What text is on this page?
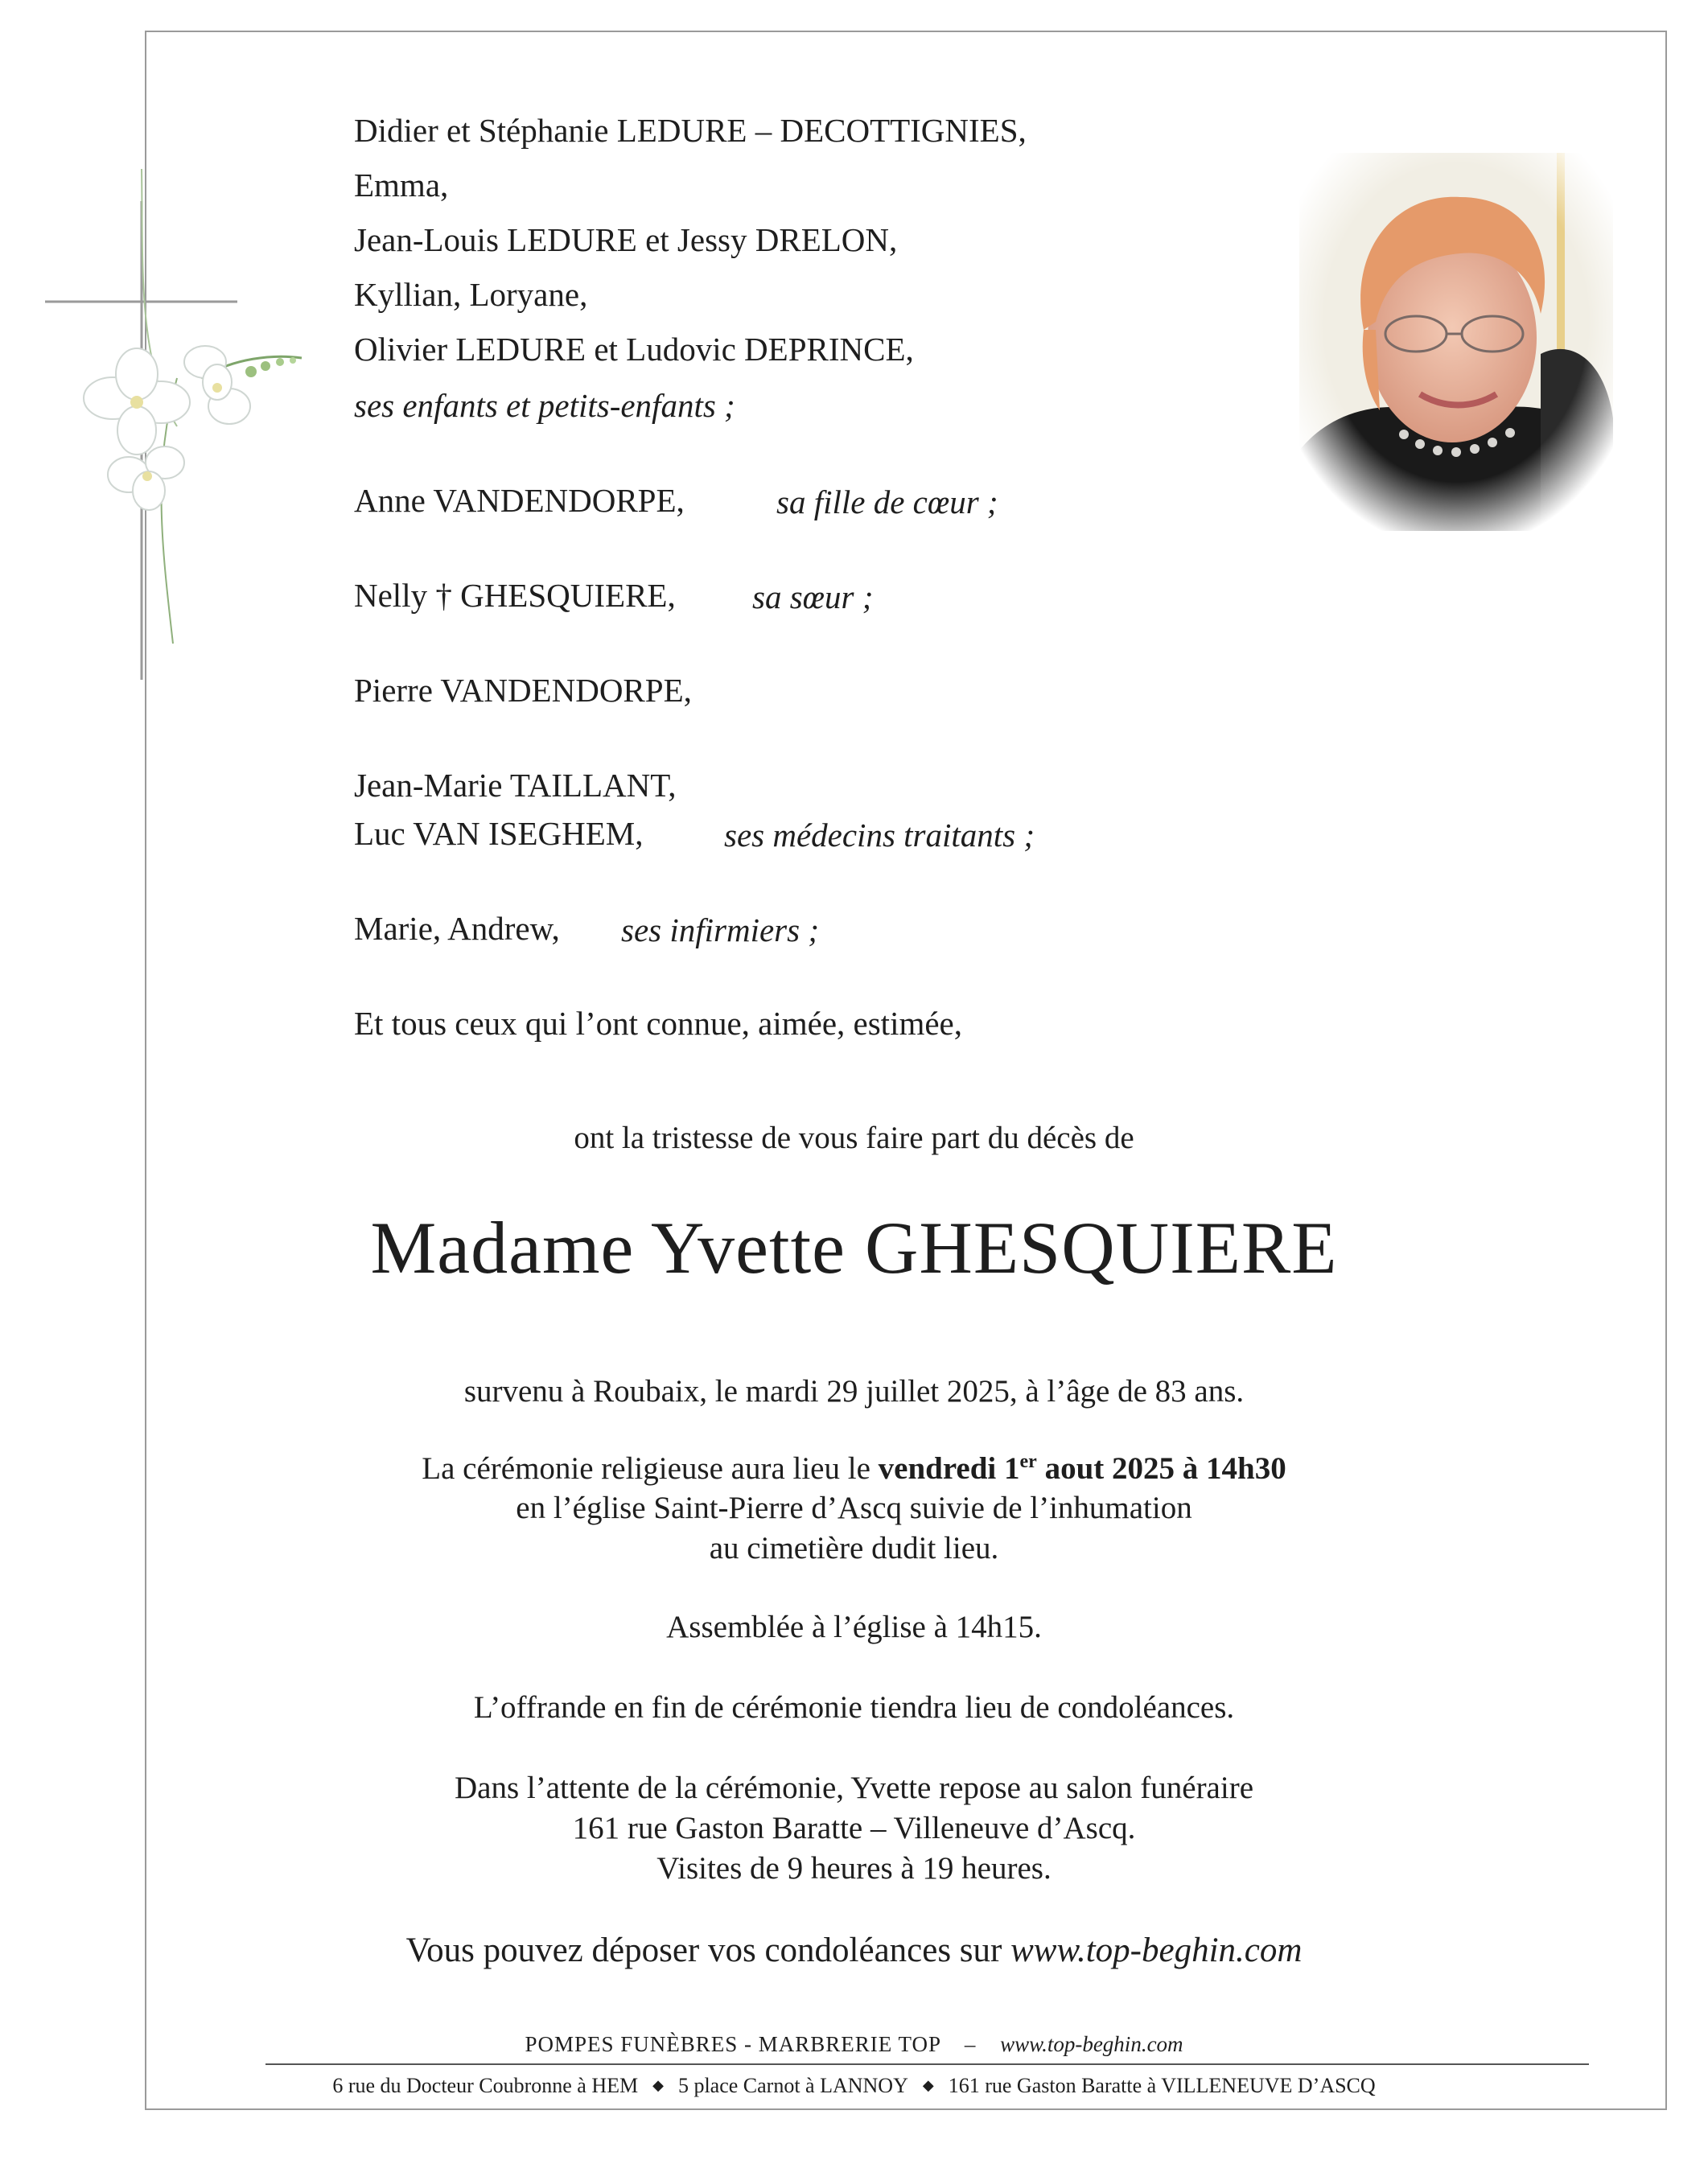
Didier et Stéphanie LEDURE – DECOTTIGNIES,
Emma,
Jean-Louis LEDURE et Jessy DRELON,
Kyllian, Loryane,
Olivier LEDURE et Ludovic DEPRINCE,
ses enfants et petits-enfants ;
Anne VANDENDORPE,	sa fille de cœur ;
Nelly † GHESQUIERE, sa sœur ;
Pierre VANDENDORPE,
Jean-Marie TAILLANT,
Luc VAN ISEGHEM, ses médecins traitants ;
Marie, Andrew, ses infirmiers ;
Et tous ceux qui l’ont connue, aimée, estimée,
ont la tristesse de vous faire part du décès de
Madame Yvette GHESQUIERE
survenu à Roubaix, le mardi 29 juillet 2025, à l’âge de 83 ans.
La cérémonie religieuse aura lieu le vendredi 1er aout 2025 à 14h30
en l’église Saint-Pierre d’Ascq suivie de l’inhumation
au cimetière dudit lieu.
Assemblée à l’église à 14h15.
L’offrande en fin de cérémonie tiendra lieu de condoléances.
Dans l’attente de la cérémonie, Yvette repose au salon funéraire
161 rue Gaston Baratte – Villeneuve d’Ascq.
Visites de 9 heures à 19 heures.
Vous pouvez déposer vos condoléances sur www.top-beghin.com
POMPES FUNÈBRES - MARBRERIE TOP – www.top-beghin.com
6 rue du Docteur Coubronne à HEM ◆ 5 place Carnot à LANNOY ◆ 161 rue Gaston Baratte à VILLENEUVE D’ASCQ
